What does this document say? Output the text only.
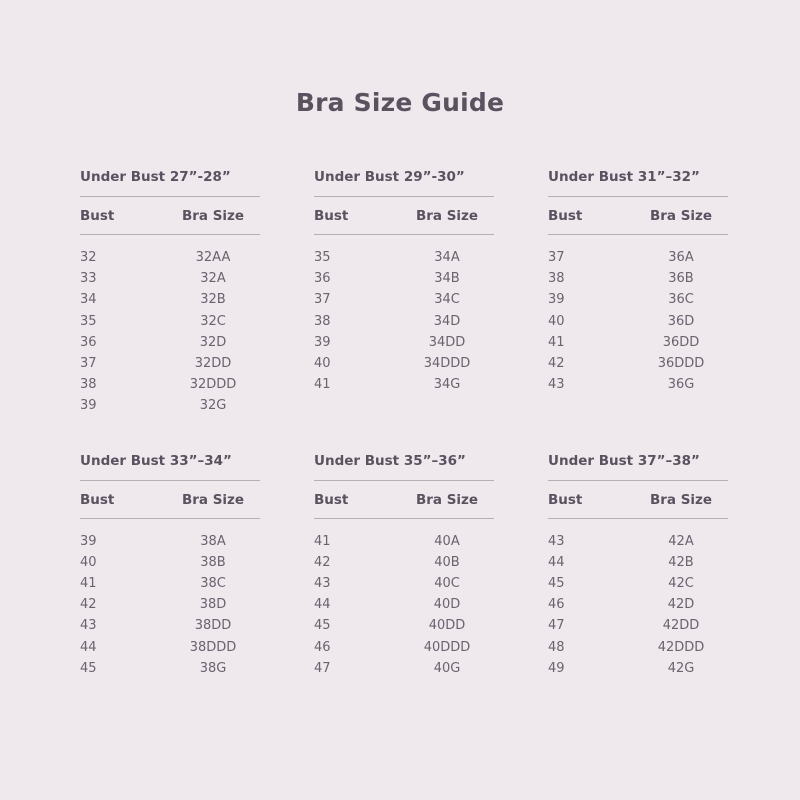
Bra Size Guide
Under Bust 27”-28”
Bust	Bra Size
32	32AA
33	32A
34	32B
35	32C
36	32D
37	32DD
38	32DDD
39	32G
Under Bust 29”-30”
Bust	Bra Size
35	34A
36	34B
37	34C
38	34D
39	34DD
40	34DDD
41	34G
Under Bust 31”–32”
Bust	Bra Size
37	36A
38	36B
39	36C
40	36D
41	36DD
42	36DDD
43	36G
Under Bust 33”–34”
Bust	Bra Size
39	38A
40	38B
41	38C
42	38D
43	38DD
44	38DDD
45	38G
Under Bust 35”–36”
Bust	Bra Size
41	40A
42	40B
43	40C
44	40D
45	40DD
46	40DDD
47	40G
Under Bust 37”–38”
Bust	Bra Size
43	42A
44	42B
45	42C
46	42D
47	42DD
48	42DDD
49	42G
